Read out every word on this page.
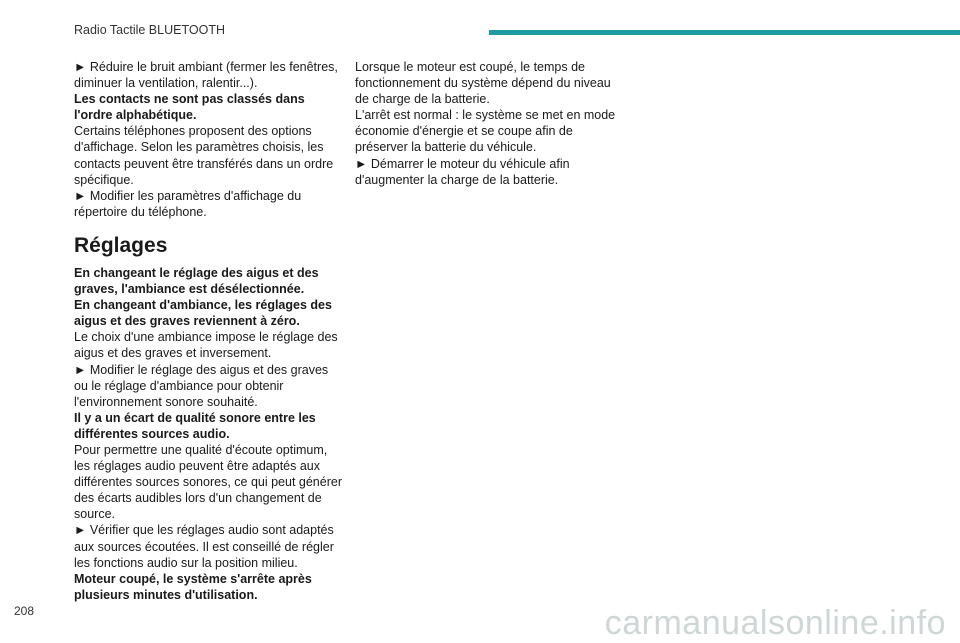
Radio Tactile BLUETOOTH

► Réduire le bruit ambiant (fermer les fenêtres, diminuer la ventilation, ralentir...).

Les contacts ne sont pas classés dans l'ordre alphabétique.

Certains téléphones proposent des options d'affichage. Selon les paramètres choisis, les contacts peuvent être transférés dans un ordre spécifique.

► Modifier les paramètres d'affichage du répertoire du téléphone.

Réglages

En changeant le réglage des aigus et des graves, l'ambiance est désélectionnée.

En changeant d'ambiance, les réglages des aigus et des graves reviennent à zéro.

Le choix d'une ambiance impose le réglage des aigus et des graves et inversement.

► Modifier le réglage des aigus et des graves ou le réglage d'ambiance pour obtenir l'environnement sonore souhaité.

Il y a un écart de qualité sonore entre les différentes sources audio.

Pour permettre une qualité d'écoute optimum, les réglages audio peuvent être adaptés aux différentes sources sonores, ce qui peut générer des écarts audibles lors d'un changement de source.

► Vérifier que les réglages audio sont adaptés aux sources écoutées. Il est conseillé de régler les fonctions audio sur la position milieu.

Moteur coupé, le système s'arrête après plusieurs minutes d'utilisation.

Lorsque le moteur est coupé, le temps de fonctionnement du système dépend du niveau de charge de la batterie.

L'arrêt est normal : le système se met en mode économie d'énergie et se coupe afin de préserver la batterie du véhicule.

► Démarrer le moteur du véhicule afin d'augmenter la charge de la batterie.

208	carmanualsonline.info
